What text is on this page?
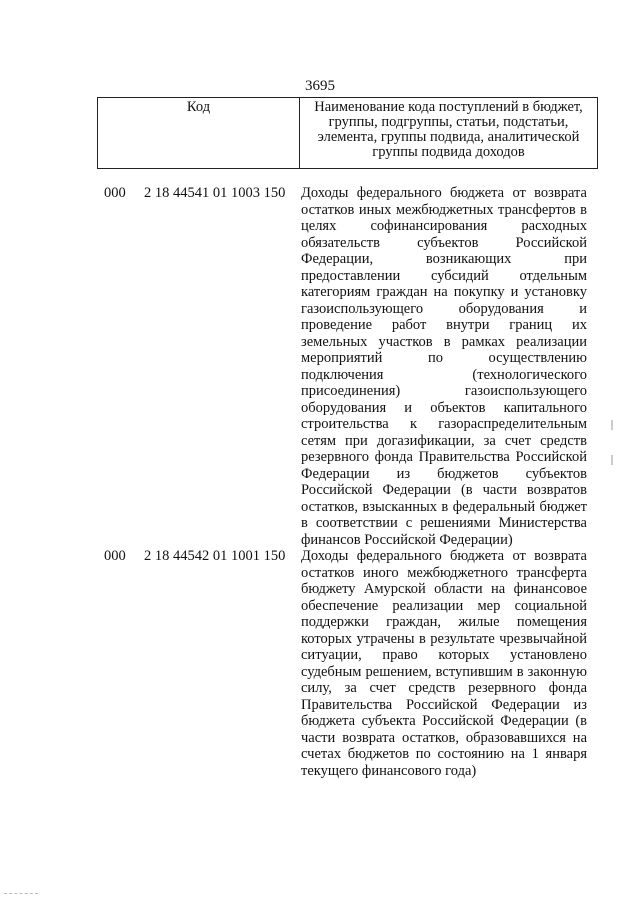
3695
Код	Наименование кода поступлений в бюджет, группы, подгруппы, статьи, подстатьи, элемента, группы подвида, аналитической группы подвида доходов
000 2 18 44541 01 1003 150 Доходы федерального бюджета от возврата остатков иных межбюджетных трансфертов в целях софинансирования расходных обязательств субъектов Российской Федерации, возникающих при предоставлении субсидий отдельным категориям граждан на покупку и установку газоиспользующего оборудования и проведение работ внутри границ их земельных участков в рамках реализации мероприятий по осуществлению подключения (технологического присоединения) газоиспользующего оборудования и объектов капитального строительства к газораспределительным сетям при догазификации, за счет средств резервного фонда Правительства Российской Федерации из бюджетов субъектов Российской Федерации (в части возвратов остатков, взысканных в федеральный бюджет в соответствии с решениями Министерства финансов Российской Федерации)
000 2 18 44542 01 1001 150 Доходы федерального бюджета от возврата остатков иного межбюджетного трансферта бюджету Амурской области на финансовое обеспечение реализации мер социальной поддержки граждан, жилые помещения которых утрачены в результате чрезвычайной ситуации, право которых установлено судебным решением, вступившим в законную силу, за счет средств резервного фонда Правительства Российской Федерации из бюджета субъекта Российской Федерации (в части возврата остатков, образовавшихся на счетах бюджетов по состоянию на 1 января текущего финансового года)
